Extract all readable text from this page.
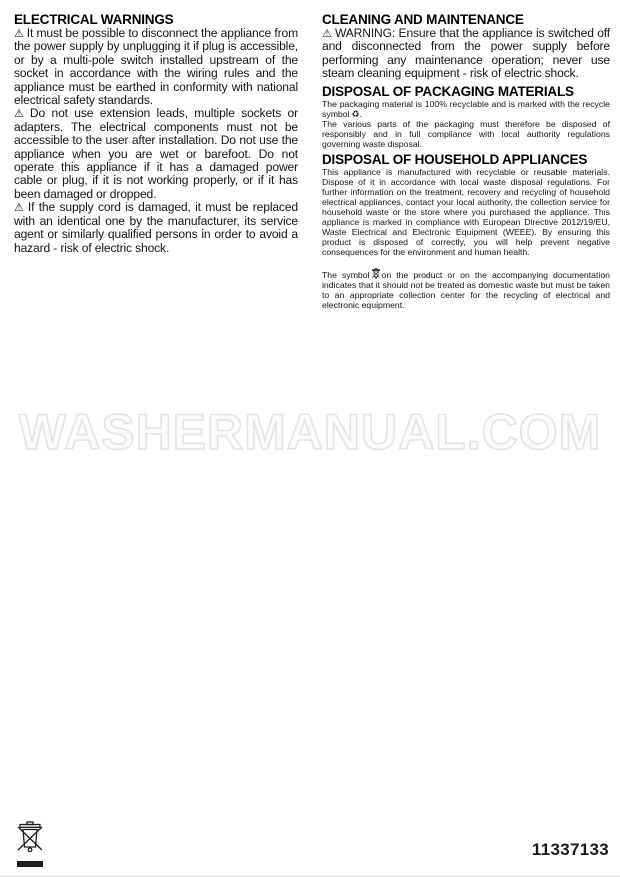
ELECTRICAL WARNINGS

⚠ It must be possible to disconnect the appliance from the power supply by unplugging it if plug is accessible, or by a multi-pole switch installed upstream of the socket in accordance with the wiring rules and the appliance must be earthed in conformity with national electrical safety standards.

⚠ Do not use extension leads, multiple sockets or adapters. The electrical components must not be accessible to the user after installation. Do not use the appliance when you are wet or barefoot. Do not operate this appliance if it has a damaged power cable or plug, if it is not working properly, or if it has been damaged or dropped.

⚠ If the supply cord is damaged, it must be replaced with an identical one by the manufacturer, its service agent or similarly qualified persons in order to avoid a hazard - risk of electric shock.

CLEANING AND MAINTENANCE

⚠ WARNING: Ensure that the appliance is switched off and disconnected from the power supply before performing any maintenance operation; never use steam cleaning equipment - risk of electric shock.

DISPOSAL OF PACKAGING MATERIALS

The packaging material is 100% recyclable and is marked with the recycle symbol ♻.

The various parts of the packaging must therefore be disposed of responsibly and in full compliance with local authority regulations governing waste disposal.

DISPOSAL OF HOUSEHOLD APPLIANCES

This appliance is manufactured with recyclable or reusable materials. Dispose of it in accordance with local waste disposal regulations. For further information on the treatment, recovery and recycling of household electrical appliances, contact your local authority, the collection service for household waste or the store where you purchased the appliance. This appliance is marked in compliance with European Directive 2012/19/EU, Waste Electrical and Electronic Equipment (WEEE). By ensuring this product is disposed of correctly, you will help prevent negative consequences for the environment and human health.

The symbol on the product or on the accompanying documentation indicates that it should not be treated as domestic waste but must be taken to an appropriate collection center for the recycling of electrical and electronic equipment.

WASHERMANUAL.COM
11337133
